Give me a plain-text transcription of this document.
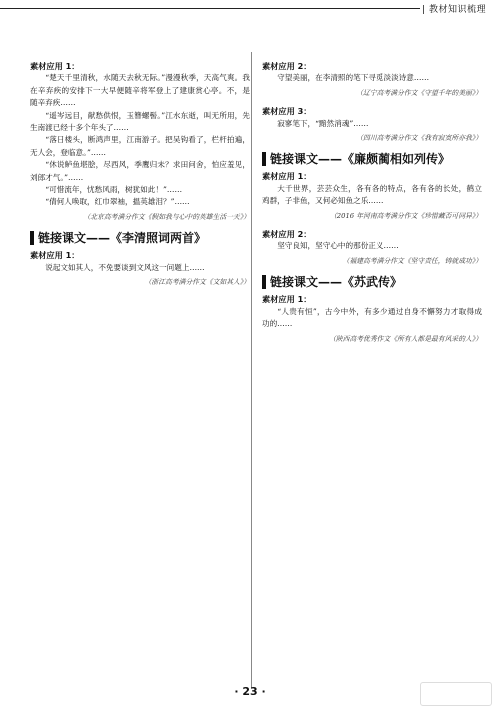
| 教材知识梳理
素材应用 1：

“楚天千里清秋，水随天去秋无际。”漫漫秋季，天高气爽。我在辛弃疾的安排下一大早便随辛将军登上了建康赏心亭。不，是随辛弃疾……

“遥岑远目，献愁供恨，玉簪螺髻。”江水东逝，叫无所用，先生南渡已经十多个年头了……

“落日楼头，断鸿声里，江南游子。把吴钩看了，栏杆拍遍，无人会，登临意。”……

“休说鲈鱼堪脍，尽西风，季鹰归未？求田问舍，怕应羞见，刘郎才气。”……

“可惜流年，忧愁风雨，树犹如此！”……

“倩何人唤取，红巾翠袖，揾英雄泪？”……

（北京高考满分作文《假如我与心中的英雄生活一天》）
链接课文——《李清照词两首》
素材应用 1：

说起文如其人，不免要谈到文风这一问题上……

（浙江高考满分作文《文如其人》）
素材应用 2：

守望美丽，在李清照的笔下寻觅淡淡诗意……

（辽宁高考满分作文《守望千年的美丽》）
素材应用 3：

寂寥笔下，“黯然消魂”……

（四川高考满分作文《我有寂寞所亦我》）
链接课文——《廉颇蔺相如列传》
素材应用 1：

大千世界，芸芸众生，各有各的特点，各有各的长处，鹤立鸡群，子非鱼，又何必知鱼之乐……

（2016 年河南高考满分作文《珍惜藏否可同异》）
素材应用 2：

坚守良知，坚守心中的那份正义……

（福建高考满分作文《坚守责任，铸就成功》）
链接课文——《苏武传》
素材应用 1：

“人贵有恒”，古今中外，有多少通过自身不懈努力才取得成功的……

（陕西高考优秀作文《所有人都是最有风采的人》）
· 23 ·
